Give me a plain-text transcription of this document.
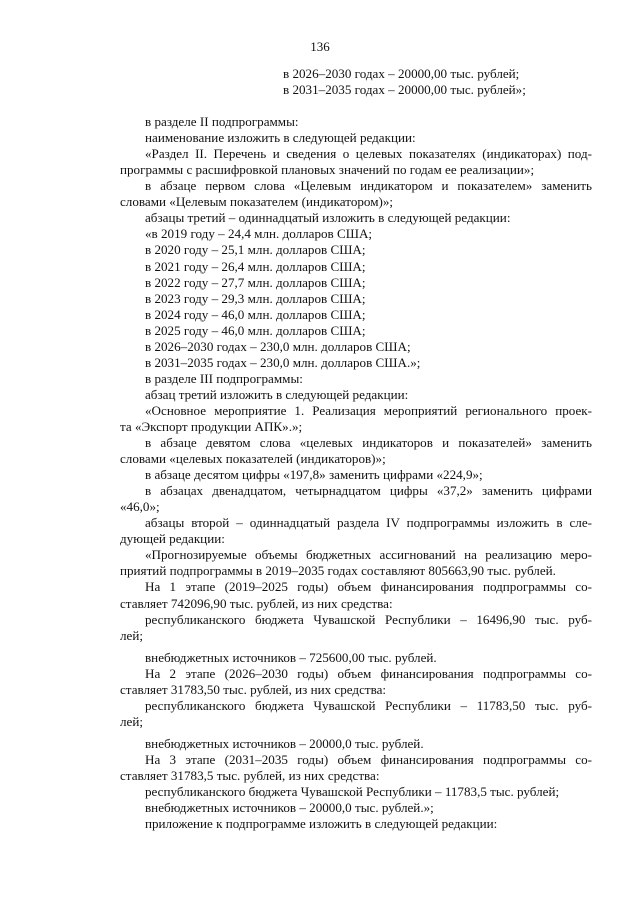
136
в 2026–2030 годах – 20000,00 тыс. рублей;
в 2031–2035 годах – 20000,00 тыс. рублей»;
в разделе II подпрограммы:
наименование изложить в следующей редакции:
«Раздел II. Перечень и сведения о целевых показателях (индикаторах) под-
программы с расшифровкой плановых значений по годам ее реализации»;
в абзаце первом слова «Целевым индикатором и показателем» заменить
словами «Целевым показателем (индикатором)»;
абзацы третий – одиннадцатый изложить в следующей редакции:
«в 2019 году – 24,4 млн. долларов США;
в 2020 году – 25,1 млн. долларов США;
в 2021 году – 26,4 млн. долларов США;
в 2022 году – 27,7 млн. долларов США;
в 2023 году – 29,3 млн. долларов США;
в 2024 году – 46,0 млн. долларов США;
в 2025 году – 46,0 млн. долларов США;
в 2026–2030 годах – 230,0 млн. долларов США;
в 2031–2035 годах – 230,0 млн. долларов США.»;
в разделе III подпрограммы:
абзац третий изложить в следующей редакции:
«Основное мероприятие 1. Реализация мероприятий регионального проек-
та «Экспорт продукции АПК».»;
в абзаце девятом слова «целевых индикаторов и показателей» заменить
словами «целевых показателей (индикаторов)»;
в абзаце десятом цифры «197,8» заменить цифрами «224,9»;
в абзацах двенадцатом, четырнадцатом цифры «37,2» заменить цифрами
«46,0»;
абзацы второй – одиннадцатый раздела IV подпрограммы изложить в сле-
дующей редакции:
«Прогнозируемые объемы бюджетных ассигнований на реализацию меро-
приятий подпрограммы в 2019–2035 годах составляют 805663,90 тыс. рублей.
На 1 этапе (2019–2025 годы) объем финансирования подпрограммы со-
ставляет 742096,90 тыс. рублей, из них средства:
республиканского бюджета Чувашской Республики – 16496,90 тыс. руб-
лей;
внебюджетных источников – 725600,00 тыс. рублей.
На 2 этапе (2026–2030 годы) объем финансирования подпрограммы со-
ставляет 31783,50 тыс. рублей, из них средства:
республиканского бюджета Чувашской Республики – 11783,50 тыс. руб-
лей;
внебюджетных источников – 20000,0 тыс. рублей.
На 3 этапе (2031–2035 годы) объем финансирования подпрограммы со-
ставляет 31783,5 тыс. рублей, из них средства:
республиканского бюджета Чувашской Республики – 11783,5 тыс. рублей;
внебюджетных источников – 20000,0 тыс. рублей.»;
приложение к подпрограмме изложить в следующей редакции:
